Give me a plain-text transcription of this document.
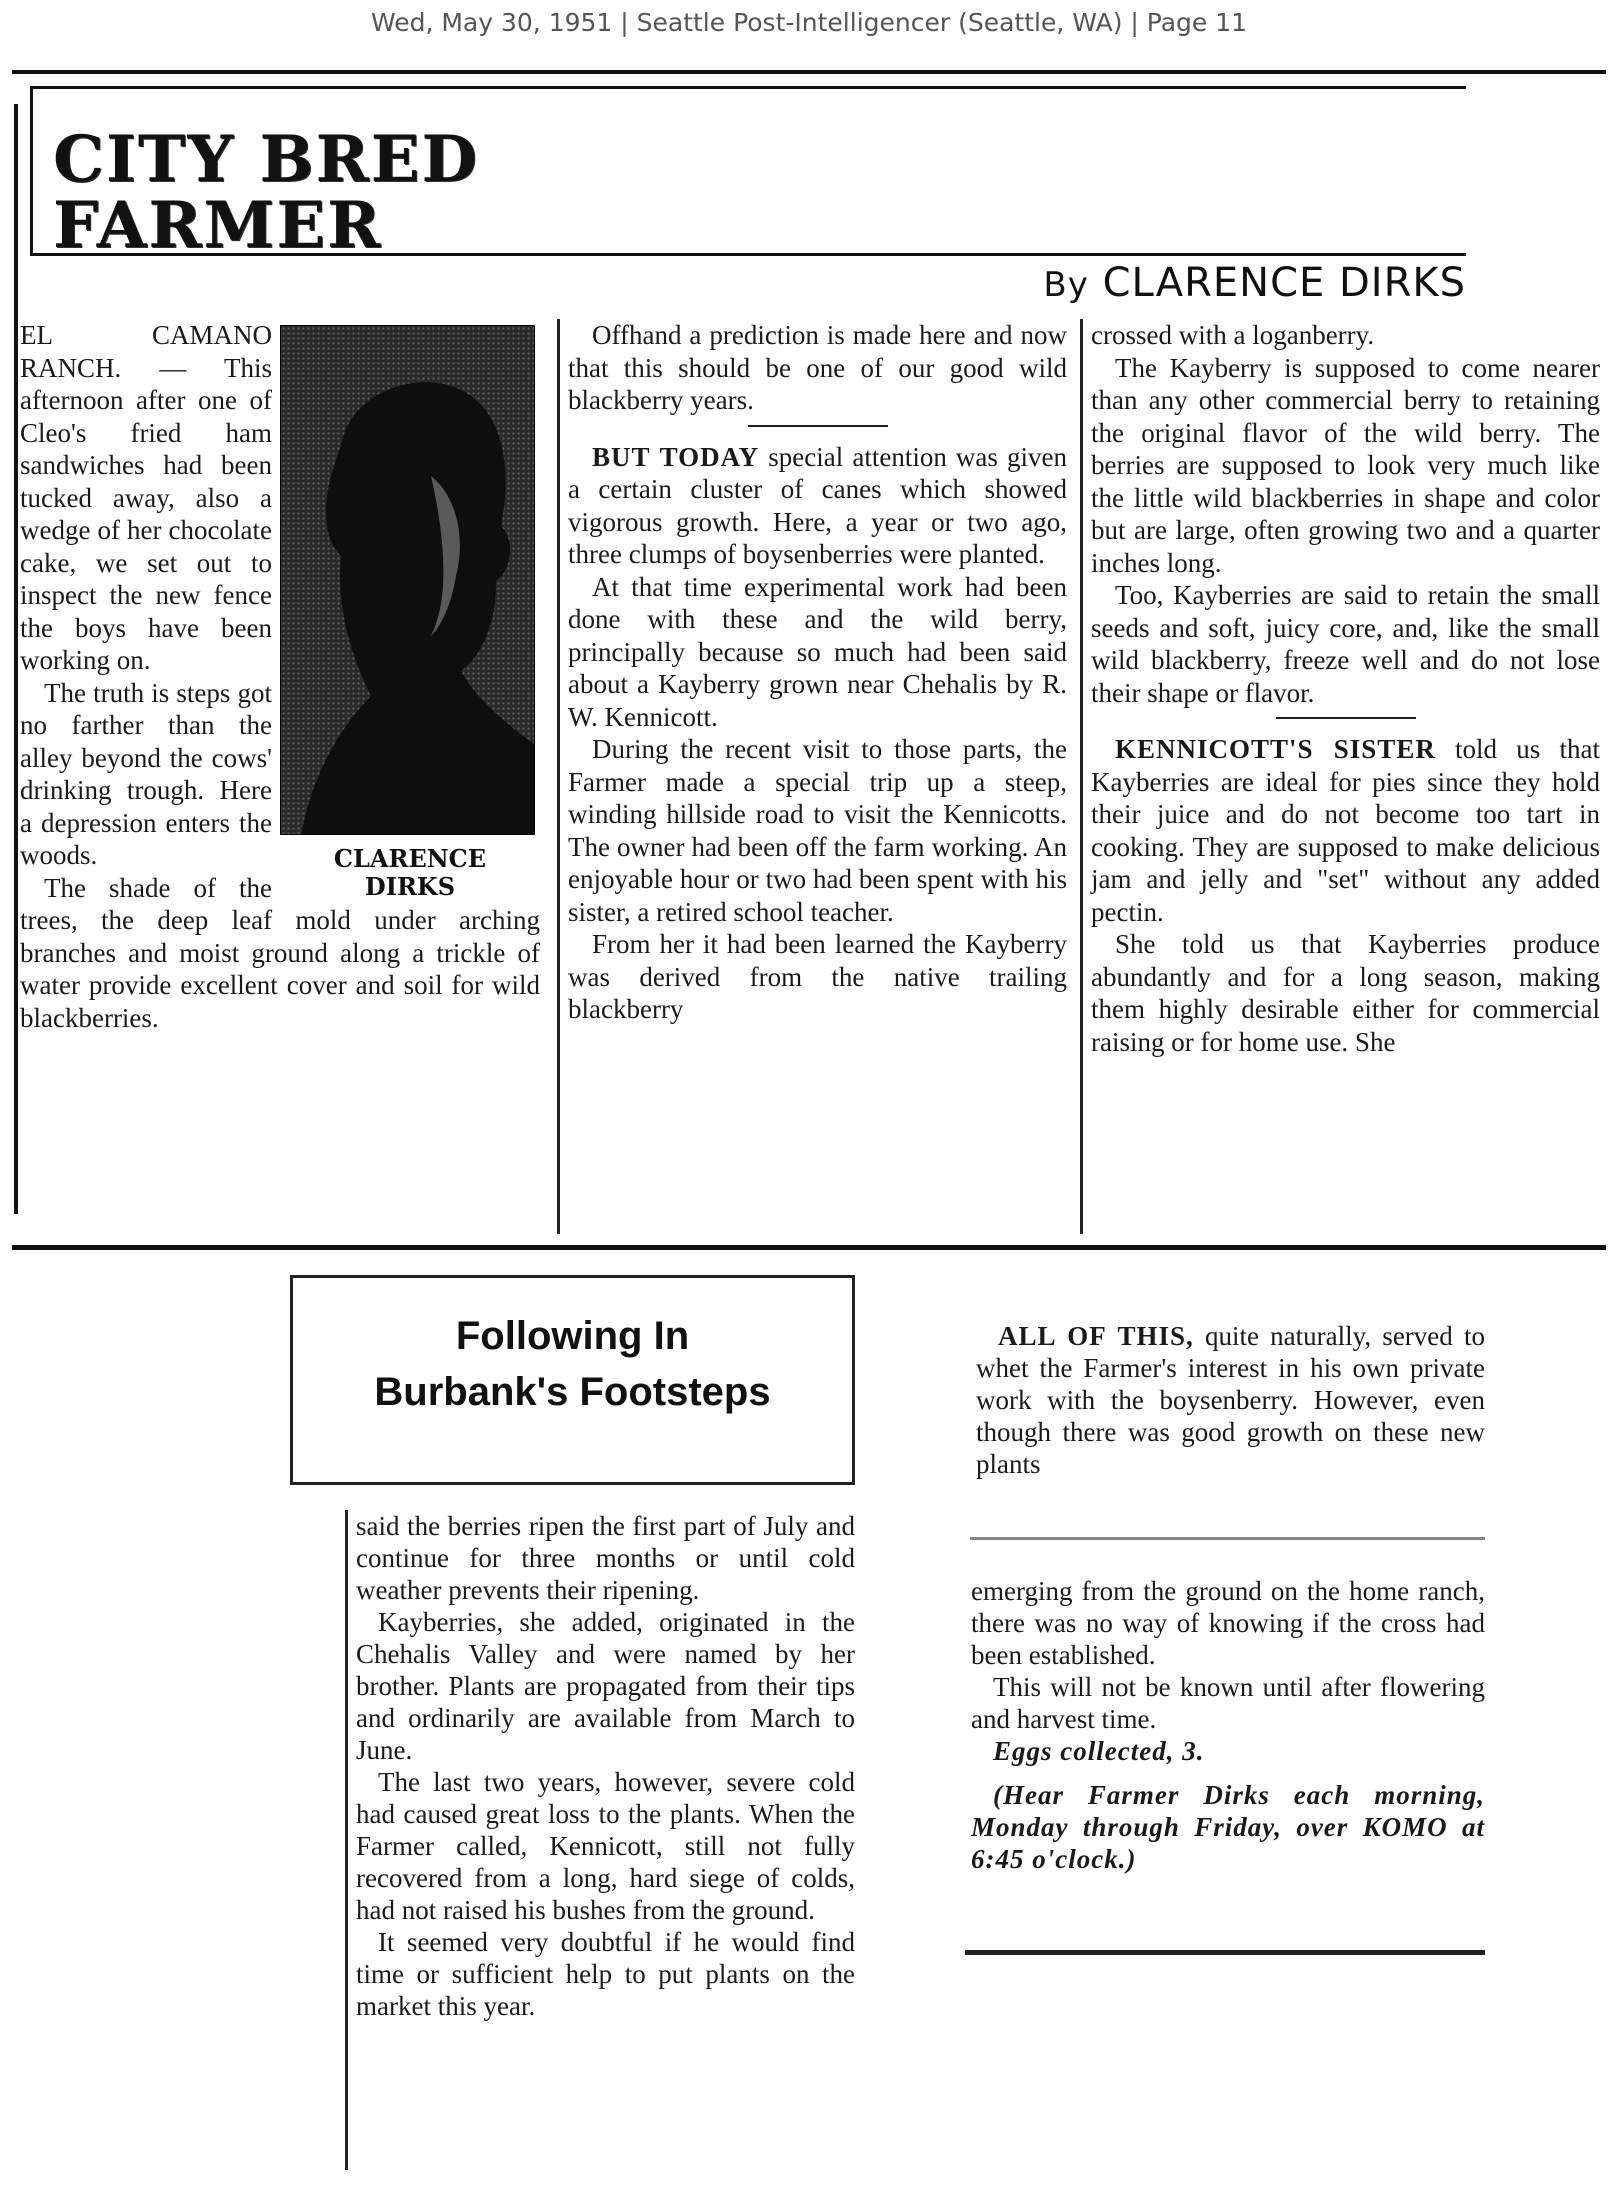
Wed, May 30, 1951 | Seattle Post-Intelligencer (Seattle, WA) | Page 11
CITY BRED
FARMER
By CLARENCE DIRKS
CLARENCE
DIRKS

EL CAMANO RANCH. — This afternoon after one of Cleo's fried ham sandwiches had been tucked away, also a wedge of her chocolate cake, we set out to inspect the new fence the boys have been working on.

The truth is steps got no farther than the alley beyond the cows' drinking trough. Here a depression enters the woods.

The shade of the trees, the deep leaf mold under arching branches and moist ground along a trickle of water provide excellent cover and soil for wild blackberries.

Offhand a prediction is made here and now that this should be one of our good wild blackberry years.

BUT TODAY special attention was given a certain cluster of canes which showed vigorous growth. Here, a year or two ago, three clumps of boysenberries were planted.

At that time experimental work had been done with these and the wild berry, principally because so much had been said about a Kayberry grown near Chehalis by R. W. Kennicott.

During the recent visit to those parts, the Farmer made a special trip up a steep, winding hillside road to visit the Kennicotts. The owner had been off the farm working. An enjoyable hour or two had been spent with his sister, a retired school teacher.

From her it had been learned the Kayberry was derived from the native trailing blackberry

crossed with a loganberry.

The Kayberry is supposed to come nearer than any other commercial berry to retaining the original flavor of the wild berry. The berries are supposed to look very much like the little wild blackberries in shape and color but are large, often growing two and a quarter inches long.

Too, Kayberries are said to retain the small seeds and soft, juicy core, and, like the small wild blackberry, freeze well and do not lose their shape or flavor.

KENNICOTT'S SISTER told us that Kayberries are ideal for pies since they hold their juice and do not become too tart in cooking. They are supposed to make delicious jam and jelly and "set" without any added pectin.

She told us that Kayberries produce abundantly and for a long season, making them highly desirable either for commercial raising or for home use. She

Following In
Burbank's Footsteps

said the berries ripen the first part of July and continue for three months or until cold weather prevents their ripening.

Kayberries, she added, originated in the Chehalis Valley and were named by her brother. Plants are propagated from their tips and ordinarily are available from March to June.

The last two years, however, severe cold had caused great loss to the plants. When the Farmer called, Kennicott, still not fully recovered from a long, hard siege of colds, had not raised his bushes from the ground.

It seemed very doubtful if he would find time or sufficient help to put plants on the market this year.

ALL OF THIS, quite naturally, served to whet the Farmer's interest in his own private work with the boysenberry. However, even though there was good growth on these new plants

emerging from the ground on the home ranch, there was no way of knowing if the cross had been established.

This will not be known until after flowering and harvest time.

Eggs collected, 3.

(Hear Farmer Dirks each morning, Monday through Friday, over KOMO at 6:45 o'clock.)
